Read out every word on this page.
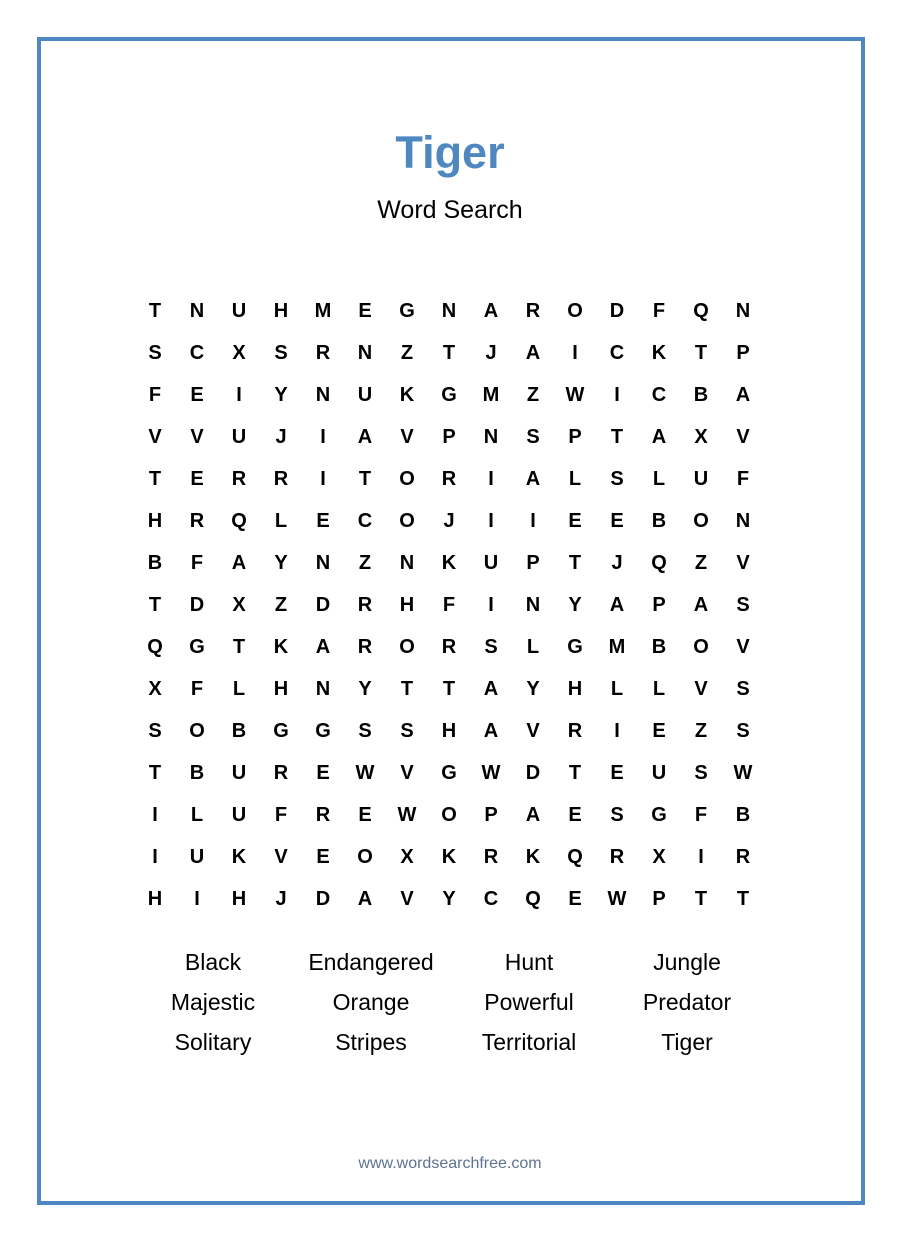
Tiger
Word Search
T	N	U	H	M	E	G	N	A	R	O	D	F	Q	N
S	C	X	S	R	N	Z	T	J	A	I	C	K	T	P
F	E	I	Y	N	U	K	G	M	Z	W	I	C	B	A
V	V	U	J	I	A	V	P	N	S	P	T	A	X	V
T	E	R	R	I	T	O	R	I	A	L	S	L	U	F
H	R	Q	L	E	C	O	J	I	I	E	E	B	O	N
B	F	A	Y	N	Z	N	K	U	P	T	J	Q	Z	V
T	D	X	Z	D	R	H	F	I	N	Y	A	P	A	S
Q	G	T	K	A	R	O	R	S	L	G	M	B	O	V
X	F	L	H	N	Y	T	T	A	Y	H	L	L	V	S
S	O	B	G	G	S	S	H	A	V	R	I	E	Z	S
T	B	U	R	E	W	V	G	W	D	T	E	U	S	W
I	L	U	F	R	E	W	O	P	A	E	S	G	F	B
I	U	K	V	E	O	X	K	R	K	Q	R	X	I	R
H	I	H	J	D	A	V	Y	C	Q	E	W	P	T	T
Black	Endangered	Hunt	Jungle
Majestic	Orange	Powerful	Predator
Solitary	Stripes	Territorial	Tiger
www.wordsearchfree.com
